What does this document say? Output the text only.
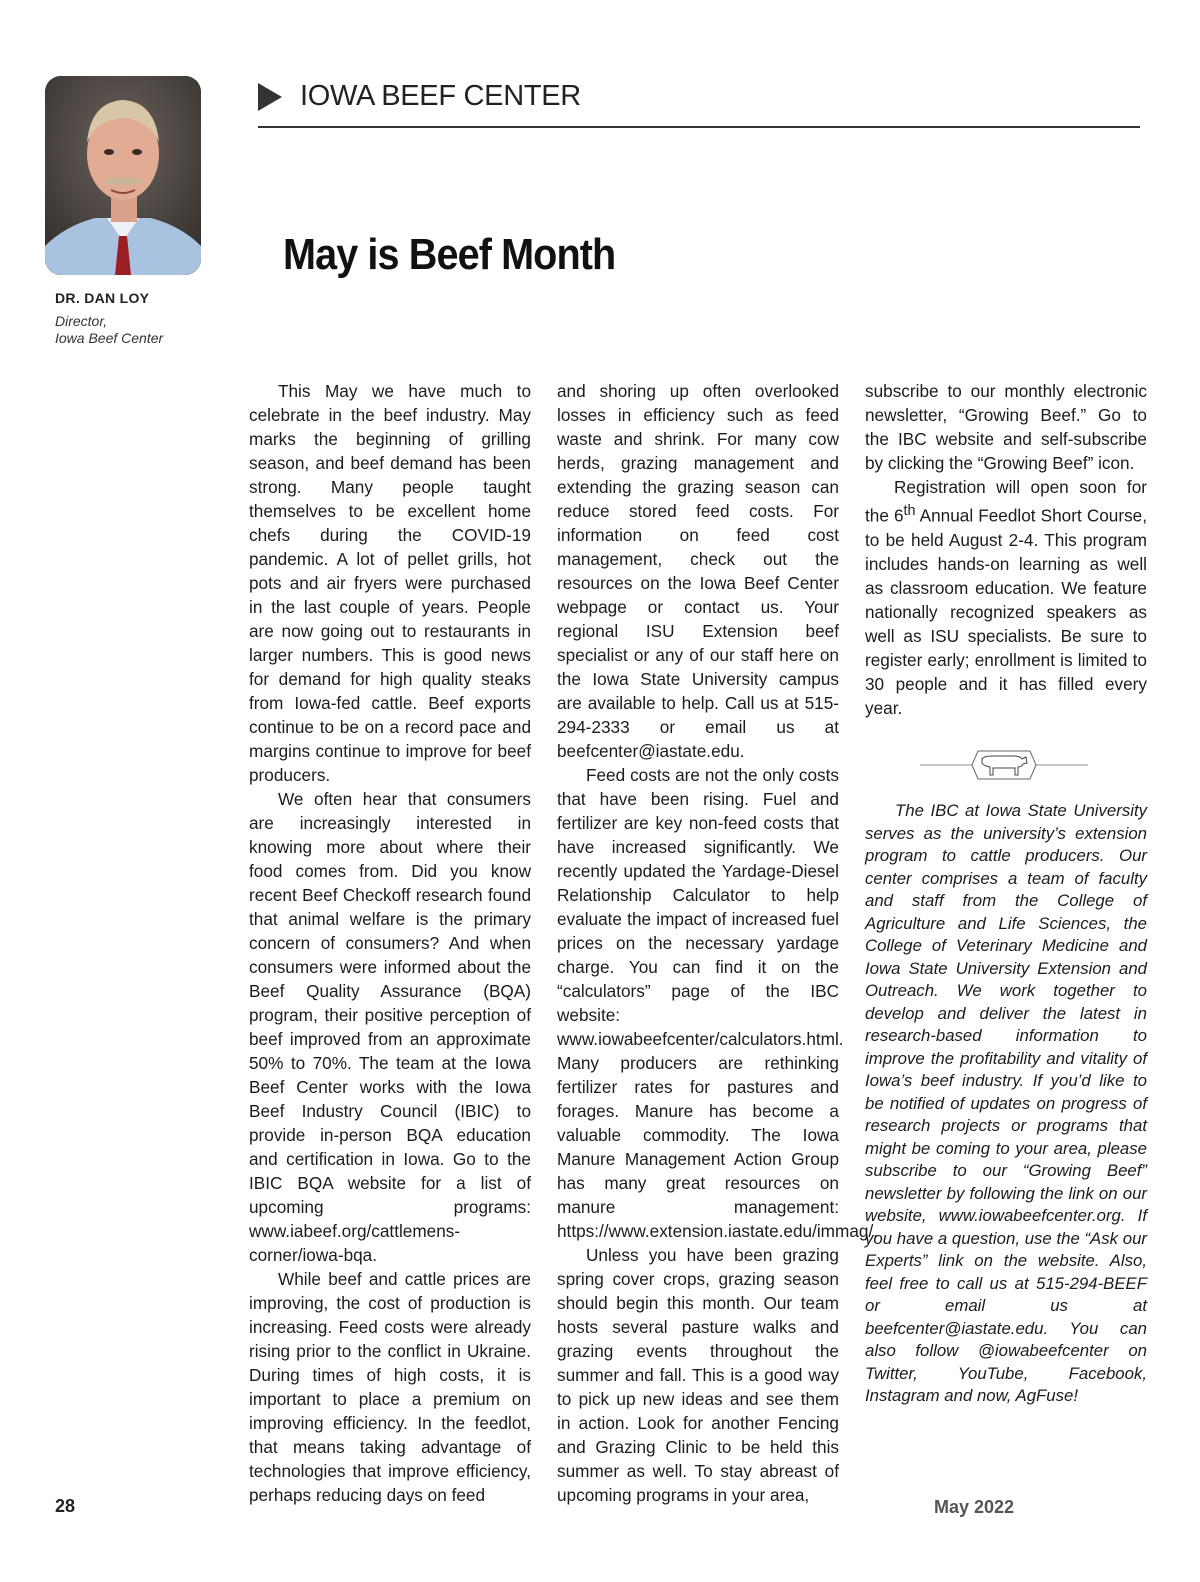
DR. DAN LOY
Director,
Iowa Beef Center
IOWA BEEF CENTER
May is Beef Month

This May we have much to celebrate in the beef industry. May marks the beginning of grilling season, and beef demand has been strong. Many people taught themselves to be excellent home chefs during the COVID-19 pandemic. A lot of pellet grills, hot pots and air fryers were purchased in the last couple of years. People are now going out to restaurants in larger numbers. This is good news for demand for high quality steaks from Iowa-fed cattle. Beef exports continue to be on a record pace and margins continue to improve for beef producers.

We often hear that consumers are increasingly interested in knowing more about where their food comes from. Did you know recent Beef Checkoff research found that animal welfare is the primary concern of consumers? And when consumers were informed about the Beef Quality Assurance (BQA) program, their positive perception of beef improved from an approximate 50% to 70%. The team at the Iowa Beef Center works with the Iowa Beef Industry Council (IBIC) to provide in-person BQA education and certification in Iowa. Go to the IBIC BQA website for a list of upcoming programs: www.iabeef.org/cattlemens-corner/iowa-bqa.

While beef and cattle prices are improving, the cost of production is increasing. Feed costs were already rising prior to the conflict in Ukraine. During times of high costs, it is important to place a premium on improving efficiency. In the feedlot, that means taking advantage of technologies that improve efficiency, perhaps reducing days on feed

and shoring up often overlooked losses in efficiency such as feed waste and shrink. For many cow herds, grazing management and extending the grazing season can reduce stored feed costs. For information on feed cost management, check out the resources on the Iowa Beef Center webpage or contact us. Your regional ISU Extension beef specialist or any of our staff here on the Iowa State University campus are available to help. Call us at 515-294-2333 or email us at beefcenter@iastate.edu.

Feed costs are not the only costs that have been rising. Fuel and fertilizer are key non-feed costs that have increased significantly. We recently updated the Yardage-Diesel Relationship Calculator to help evaluate the impact of increased fuel prices on the necessary yardage charge. You can find it on the “calculators” page of the IBC website: www.iowabeefcenter/calculators.html. Many producers are rethinking fertilizer rates for pastures and forages. Manure has become a valuable commodity. The Iowa Manure Management Action Group has many great resources on manure management: https://www.extension.iastate.edu/immag/.

Unless you have been grazing spring cover crops, grazing season should begin this month. Our team hosts several pasture walks and grazing events throughout the summer and fall. This is a good way to pick up new ideas and see them in action. Look for another Fencing and Grazing Clinic to be held this summer as well. To stay abreast of upcoming programs in your area,

subscribe to our monthly electronic newsletter, “Growing Beef.” Go to the IBC website and self-subscribe by clicking the “Growing Beef” icon.

Registration will open soon for the 6th Annual Feedlot Short Course, to be held August 2-4. This program includes hands-on learning as well as classroom education. We feature nationally recognized speakers as well as ISU specialists. Be sure to register early; enrollment is limited to 30 people and it has filled every year.

The IBC at Iowa State University serves as the university’s extension program to cattle producers. Our center comprises a team of faculty and staff from the College of Agriculture and Life Sciences, the College of Veterinary Medicine and Iowa State University Extension and Outreach. We work together to develop and deliver the latest in research-based information to improve the profitability and vitality of Iowa’s beef industry. If you’d like to be notified of updates on progress of research projects or programs that might be coming to your area, please subscribe to our “Growing Beef” newsletter by following the link on our website, www.iowabeefcenter.org. If you have a question, use the “Ask our Experts” link on the website. Also, feel free to call us at 515-294-BEEF or email us at beefcenter@iastate.edu. You can also follow @iowabeefcenter on Twitter, YouTube, Facebook, Instagram and now, AgFuse!

28	May 2022
